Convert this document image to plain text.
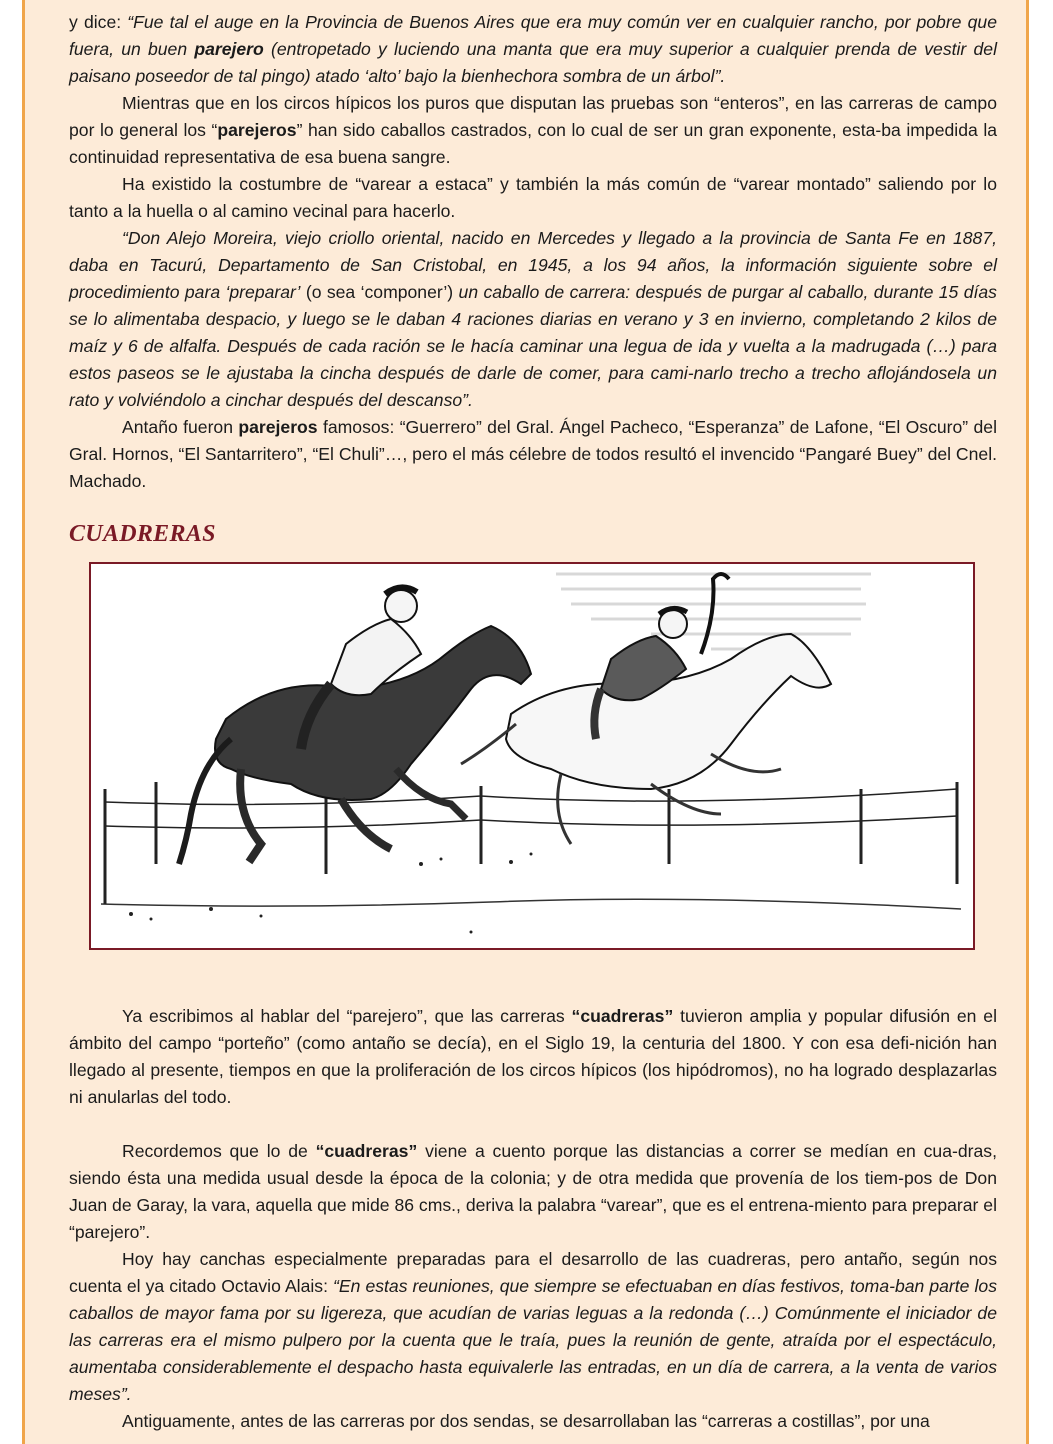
y dice: “Fue tal el auge en la Provincia de Buenos Aires que era muy común ver en cualquier rancho, por pobre que fuera, un buen parejero (entropetado y luciendo una manta que era muy superior a cualquier prenda de vestir del paisano poseedor de tal pingo) atado ‘alto’ bajo la bienhechora sombra de un árbol”.

Mientras que en los circos hípicos los puros que disputan las pruebas son “enteros”, en las carreras de campo por lo general los “parejeros” han sido caballos castrados, con lo cual de ser un gran exponente, esta-ba impedida la continuidad representativa de esa buena sangre.

Ha existido la costumbre de “varear a estaca” y también la más común de “varear montado” saliendo por lo tanto a la huella o al camino vecinal para hacerlo.

“Don Alejo Moreira, viejo criollo oriental, nacido en Mercedes y llegado a la provincia de Santa Fe en 1887, daba en Tacurú, Departamento de San Cristobal, en 1945, a los 94 años, la información siguiente sobre el procedimiento para ‘preparar’ (o sea ‘componer’) un caballo de carrera: después de purgar al caballo, durante 15 días se lo alimentaba despacio, y luego se le daban 4 raciones diarias en verano y 3 en invierno, completando 2 kilos de maíz y 6 de alfalfa. Después de cada ración se le hacía caminar una legua de ida y vuelta a la madrugada (…) para estos paseos se le ajustaba la cincha después de darle de comer, para cami-narlo trecho a trecho aflojándosela un rato y volviéndolo a cinchar después del descanso”.

Antaño fueron parejeros famosos: “Guerrero” del Gral. Ángel Pacheco, “Esperanza” de Lafone, “El Oscuro” del Gral. Hornos, “El Santarritero”, “El Chuli”…, pero el más célebre de todos resultó el invencido “Pangaré Buey” del Cnel. Machado.

CUADRERAS

Ya escribimos al hablar del “parejero”, que las carreras “cuadreras” tuvieron amplia y popular difusión en el ámbito del campo “porteño” (como antaño se decía), en el Siglo 19, la centuria del 1800. Y con esa defi-nición han llegado al presente, tiempos en que la proliferación de los circos hípicos (los hipódromos), no ha logrado desplazarlas ni anularlas del todo.

Recordemos que lo de “cuadreras” viene a cuento porque las distancias a correr se medían en cua-dras, siendo ésta una medida usual desde la época de la colonia; y de otra medida que provenía de los tiem-pos de Don Juan de Garay, la vara, aquella que mide 86 cms., deriva la palabra “varear”, que es el entrena-miento para preparar el “parejero”.

Hoy hay canchas especialmente preparadas para el desarrollo de las cuadreras, pero antaño, según nos cuenta el ya citado Octavio Alais: “En estas reuniones, que siempre se efectuaban en días festivos, toma-ban parte los caballos de mayor fama por su ligereza, que acudían de varias leguas a la redonda (…) Comúnmente el iniciador de las carreras era el mismo pulpero por la cuenta que le traía, pues la reunión de gente, atraída por el espectáculo, aumentaba considerablemente el despacho hasta equivalerle las entradas, en un día de carrera, a la venta de varios meses”.

Antiguamente, antes de las carreras por dos sendas, se desarrollaban las “carreras a costillas”, por una
